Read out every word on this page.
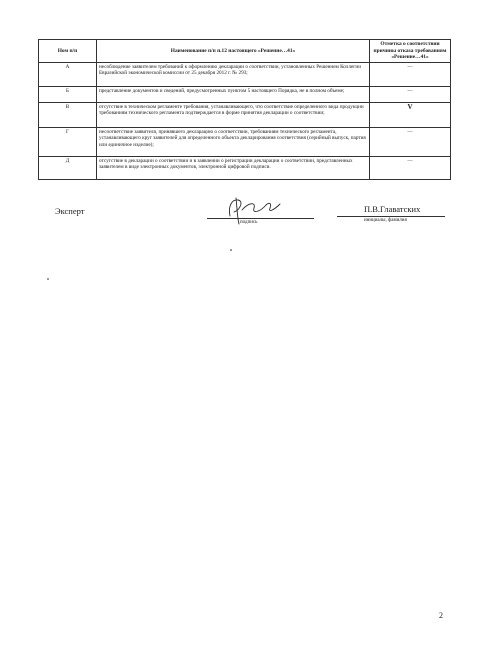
Ном п/п	Наименование п/п п.12 настоящего «Решение…41»	Отметка о соответствии причины отказа требованиям «Решение…41»
А	несоблюдение заявителем требований к оформлению декларации о соответствии, установленных Решением Коллегии Евразийской экономической комиссии от 25 декабря 2012 г. № 293;	—
Б	представление документов и сведений, предусмотренных пунктом 5 настоящего Порядка, не в полном объеме;	—
В	отсутствие в техническом регламенте требования, устанавливающего, что соответствие определенного вида продукции требованиям технического регламента подтверждается в форме принятия декларации о соответствии;	V
Г	несоответствие заявителя, принявшего декларацию о соответствии, требованиям технического регламента, устанавливающего круг заявителей для определенного объекта декларирования соответствия (серийный выпуск, партия или единичное изделие);	—
Д	отсутствие в декларации о соответствии и в заявлении о регистрации декларации о соответствии, представленных заявителем в виде электронных документов, электронной цифровой подписи.	—
Эксперт
подпись
П.В.Главатских
инициалы, фамилия
2
